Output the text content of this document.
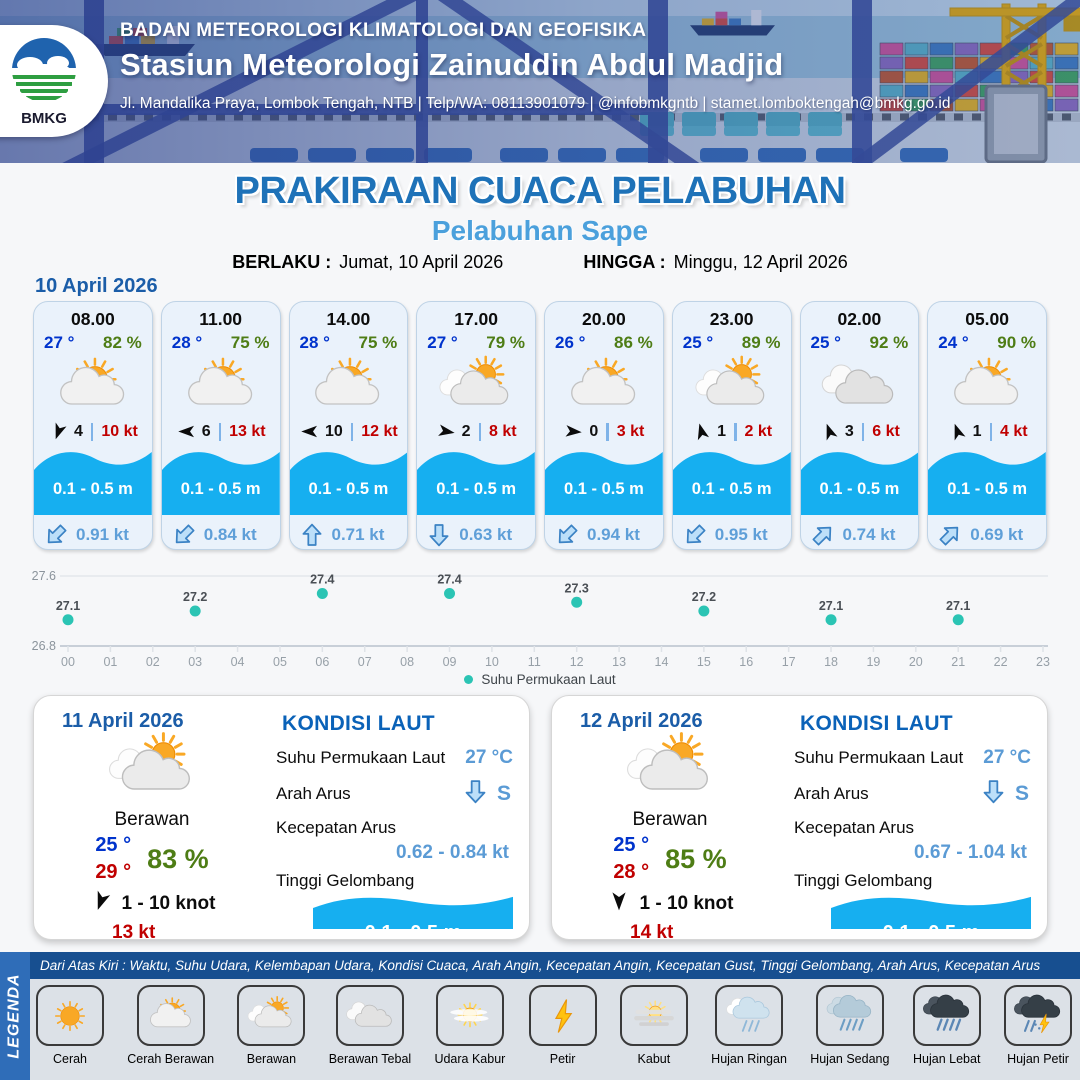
BMKG
BADAN METEOROLOGI KLIMATOLOGI DAN GEOFISIKA
Stasiun Meteorologi Zainuddin Abdul Madjid
Jl. Mandalika Praya, Lombok Tengah, NTB | Telp/WA: 08113901079 | @infobmkgntb | stamet.lomboktengah@bmkg.go.id
PRAKIRAAN CUACA PELABUHAN
Pelabuhan Sape
BERLAKU : Jumat, 10 April 2026	HINGGA : Minggu, 12 April 2026
10 April 2026
08.00
27 ° 82 %
4 10 kt
0.1 - 0.5 m
0.91 kt
11.00
28 ° 75 %
6 13 kt
0.1 - 0.5 m
0.84 kt
14.00
28 ° 75 %
10 12 kt
0.1 - 0.5 m
0.71 kt
17.00
27 ° 79 %
2 8 kt
0.1 - 0.5 m
0.63 kt
20.00
26 ° 86 %
0 3 kt
0.1 - 0.5 m
0.94 kt
23.00
25 ° 89 %
1 2 kt
0.1 - 0.5 m
0.95 kt
02.00
25 ° 92 %
3 6 kt
0.1 - 0.5 m
0.74 kt
05.00
24 ° 90 %
1 4 kt
0.1 - 0.5 m
0.69 kt
27.6
26.8
00 01 02 03 04 05 06 07 08 09 10 11 12 13 14 15 16 17 18 19 20 21 22 23
27.1
27.2
27.4	27.4
27.3
27.2
27.1	27.1
Suhu Permukaan Laut
11 April 2026
Berawan
25 °
29 ° 83 %
1 - 10 knot
13 kt
KONDISI LAUT
Suhu Permukaan Laut 27 °C
Arah Arus	S
Kecepatan Arus
0.62 - 0.84 kt
Tinggi Gelombang
0.1 - 0.5 m
12 April 2026
Berawan
25 °
28 ° 85 %
1 - 10 knot
14 kt
KONDISI LAUT
Suhu Permukaan Laut 27 °C
Arah Arus	S
Kecepatan Arus
0.67 - 1.04 kt
Tinggi Gelombang
0.1 - 0.5 m
LEGENDA
Dari Atas Kiri : Waktu, Suhu Udara, Kelembapan Udara, Kondisi Cuaca, Arah Angin, Kecepatan Angin, Kecepatan Gust, Tinggi Gelombang, Arah Arus, Kecepatan Arus
Cerah	Cerah Berawan	Berawan	Berawan Tebal Udara Kabur	Petir	Kabut	Hujan Ringan Hujan Sedang Hujan Lebat Hujan Petir
